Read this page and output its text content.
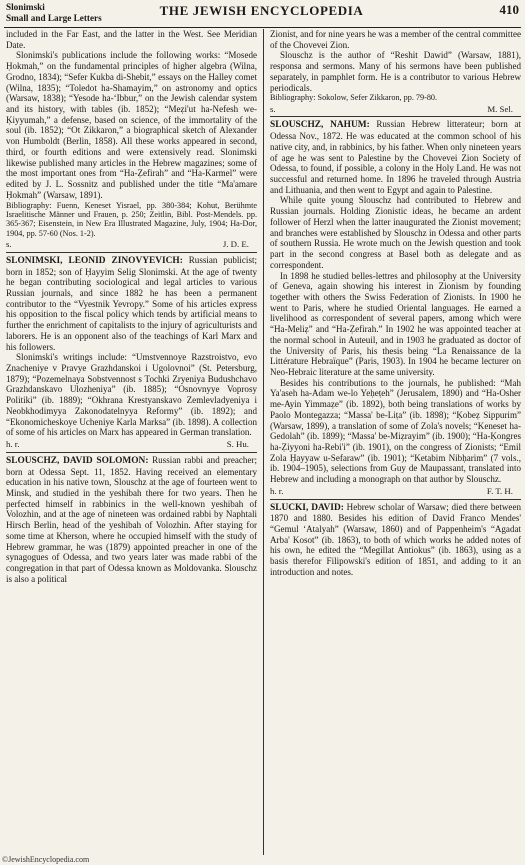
Slonimski
Small and Large Letters	THE JEWISH ENCYCLOPEDIA	410

included in the Far East, and the latter in the West. See Meridian Date.

Slonimski's publications include the following works: “Mosede Ḥokmah,” on the fundamental principles of higher algebra (Wilna, Grodno, 1834); “Sefer Kukba di-Shebit,” essays on the Halley comet (Wilna, 1835); “Toledot ha-Shamayim,” on astronomy and optics (Warsaw, 1838); “Yesode ha-‘Ibbur,” on the Jewish calendar system and its history, with tables (ib. 1852); “Meẓi'ut ha-Nefesh we-Ḳiyyumah,” a defense, based on science, of the immortality of the soul (ib. 1852); “Ot Zikkaron,” a biographical sketch of Alexander von Humboldt (Berlin, 1858). All these works appeared in second, third, or fourth editions and were extensively read. Slonimski likewise published many articles in the Hebrew magazines; some of the most important ones from “Ha-Ẓefirah” and “Ha-Karmel” were edited by J. L. Sossnitz and published under the title “Ma'amare Ḥokmah” (Warsaw, 1891).

Bibliography: Fuenn, Keneset Yisrael, pp. 380-384; Kohut, Berühmte Israelitische Männer und Frauen, p. 250; Zeitlin, Bibl. Post-Mendels. pp. 365-367; Eisenstein, in New Era Illustrated Magazine, July, 1904; Ha-Dor, 1904, pp. 57-60 (Nos. 1-2).

s.	J. D. E.

SLONIMSKI, LEONID ZINOVYEVICH: Russian publicist; born in 1852; son of Ḥayyim Selig Slonimski. At the age of twenty he began contributing sociological and legal articles to various Russian journals, and since 1882 he has been a permanent contributor to the “Vyestnik Yevropy.” Some of his articles express his opposition to the fiscal policy which tends by artificial means to further the enrichment of capitalists to the injury of agriculturists and laborers. He is an opponent also of the teachings of Karl Marx and his followers.

Slonimski's writings include: “Umstvennoye Razstroistvo, evo Znacheniye v Pravye Grazhdanskoi i Ugolovnoi” (St. Petersburg, 1879); “Pozemelnaya Sobstvennost s Tochki Zryeniya Budushchavo Grazhdanskavo Ulozheniya” (ib. 1885); “Osnovnyye Voprosy Politiki” (ib. 1889); “Okhrana Krestyanskavo Zemlevladyeniya i Neobkhodimyya Zakonodatelnyya Reformy” (ib. 1892); and “Ekonomicheskoye Ucheniye Karla Marksa” (ib. 1898). A collection of some of his articles on Marx has appeared in German translation.

h. r.	S. Hu.

SLOUSCHZ, DAVID SOLOMON: Russian rabbi and preacher; born at Odessa Sept. 11, 1852. Having received an elementary education in his native town, Slouschz at the age of fourteen went to Minsk, and studied in the yeshibah there for two years. Then he perfected himself in rabbinics in the well-known yeshibah of Volozhin, and at the age of nineteen was ordained rabbi by Naphtali Hirsch Berlin, head of the yeshibah of Volozhin. After staying for some time at Kherson, where he occupied himself with the study of Hebrew grammar, he was (1879) appointed preacher in one of the synagogues of Odessa, and two years later was made rabbi of the congregation in that part of Odessa known as Moldovanka. Slouschz is also a political

Zionist, and for nine years he was a member of the central committee of the Chovevei Zion.

Slouschz is the author of “Reshit Dawid” (Warsaw, 1881), responsa and sermons. Many of his sermons have been published separately, in pamphlet form. He is a contributor to various Hebrew periodicals.

Bibliography: Sokolow, Sefer Zikkaron, pp. 79-80.

s.	M. Sel.

SLOUSCHZ, NAHUM: Russian Hebrew litterateur; born at Odessa Nov., 1872. He was educated at the common school of his native city, and, in rabbinics, by his father. When only nineteen years of age he was sent to Palestine by the Chovevei Zion Society of Odessa, to found, if possible, a colony in the Holy Land. He was not successful and returned home. In 1896 he traveled through Austria and Lithuania, and then went to Egypt and again to Palestine.

While quite young Slouschz had contributed to Hebrew and Russian journals. Holding Zionistic ideas, he became an ardent follower of Herzl when the latter inaugurated the Zionist movement; and branches were established by Slouschz in Odessa and other parts of southern Russia. He wrote much on the Jewish question and took part in the second congress at Basel both as delegate and as correspondent.

In 1898 he studied belles-lettres and philosophy at the University of Geneva, again showing his interest in Zionism by founding together with others the Swiss Federation of Zionists. In 1900 he went to Paris, where he studied Oriental languages. He earned a livelihood as correspondent of several papers, among which were “Ha-Meliẓ” and “Ha-Ẓefirah.” In 1902 he was appointed teacher at the normal school in Auteuil, and in 1903 he graduated as doctor of the University of Paris, his thesis being “La Renaissance de la Littérature Hebraïque” (Paris, 1903). In 1904 he became lecturer on Neo-Hebraic literature at the same university.

Besides his contributions to the journals, he published: “Mah Ya'aseh ha-Adam we-lo Yeḥeṭeh” (Jerusalem, 1890) and “Ha-Osher me-Ayin Yimmaẓe” (ib. 1892), both being translations of works by Paolo Montegazza; “Massa' be-Liṭa” (ib. 1898); “Ḳobeẓ Sippurim” (Warsaw, 1899), a translation of some of Zola's novels; “Keneset ha-Gedolah” (ib. 1899); “Massa' be-Miẓrayim” (ib. 1900); “Ha-Ḳongres ha-Ẓiyyoni ha-Rebi'i” (ib. 1901), on the congress of Zionists; “Emil Zola Ḥayyaw u-Sefaraw” (ib. 1901); “Ketabim Nibḥarim” (7 vols., ib. 1904–1905), selections from Guy de Maupassant, translated into Hebrew and including a monograph on that author by Slouschz.

h. r.	F. T. H.

SLUCKI, DAVID: Hebrew scholar of Warsaw; died there between 1870 and 1880. Besides his edition of David Franco Mendes' “Gemul ‘Atalyah” (Warsaw, 1860) and of Pappenheim's “Agadat Arba' Kosot” (ib. 1863), to both of which works he added notes of his own, he edited the “Megillat Antiokus” (ib. 1863), using as a basis therefor Filipowski's edition of 1851, and adding to it an introduction and notes.

©JewishEncyclopedia.com
